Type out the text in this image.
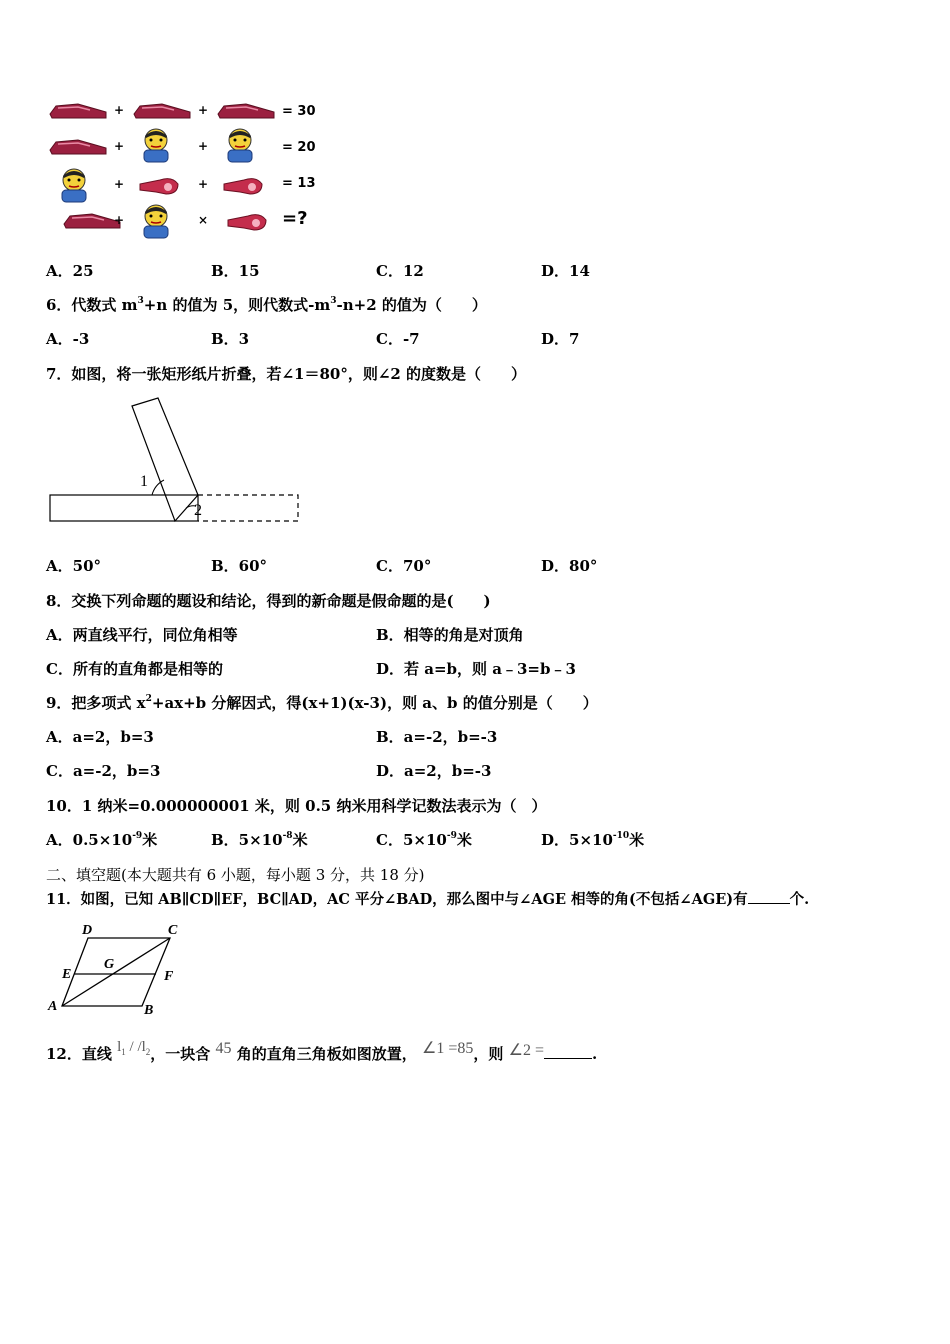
+	+
+	+
+	+
+	×
= 30
= 20
= 13
=?
A．25	B．15	C．12	D．14
6．代数式 $m^3+n$ 的值为 5，则代数式$-m^3-n+2$ 的值为（　　）
A．-3	B．3	C．-7	D．7
7．如图，将一张矩形纸片折叠，若∠1＝80°，则∠2 的度数是（　　）
1
2
A．50°	B．60°	C．70°	D．80°
8．交换下列命题的题设和结论，得到的新命题是假命题的是(　　)
A．两直线平行，同位角相等	B．相等的角是对顶角
C．所有的直角都是相等的	D．若 a=b，则 a﹣3=b﹣3
9．把多项式 $x^2+ax+b$ 分解因式，得(x+1)(x-3)，则 a、b 的值分别是（　　）
A．a=2，b=3	B．a=-2，b=-3
C．a=-2，b=3	D．a=2，b=-3
10．1 纳米=0.000000001 米，则 0.5 纳米用科学记数法表示为（　）
A．$0.5\times 10^{-9}$米	B．$5\times 10^{-8}$米	C．$5\times 10^{-9}$米	D．$5\times 10^{-10}$米
二、填空题(本大题共有 6 小题，每小题 3 分，共 18 分)
11．如图，已知 AB∥CD∥EF，BC∥AD，AC 平分∠BAD，那么图中与∠AGE 相等的角(不包括∠AGE)有	个.
D	C
E
G
F
A	B
12．直线 $l_1 / /l_2$，一块含 45 角的直角三角板如图放置， ∠1 =85，则 ∠2 =	.
